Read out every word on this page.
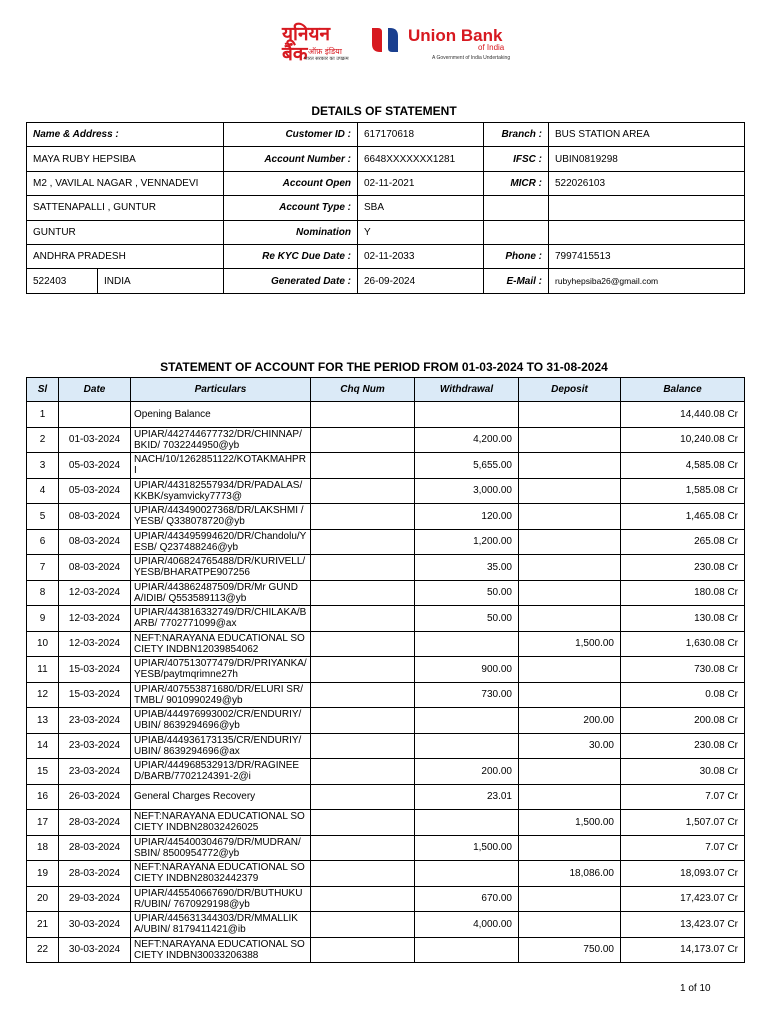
यूनियन बैंक ऑफ़ इंडिया
भारत सरकार का उपक्रम
Union Bank
of India
A Government of India Undertaking
DETAILS OF STATEMENT
Name & Address :		Customer ID :	617170618	Branch :	BUS STATION AREA
MAYA RUBY HEPSIBA		Account Number :	6648XXXXXXX1281	IFSC :	UBIN0819298
M2 , VAVILAL NAGAR , VENNADEVI		Account Open	02-11-2021	MICR :	522026103
SATTENAPALLI , GUNTUR		Account Type :	SBA		
GUNTUR		Nomination	Y		
ANDHRA PRADESH		Re KYC Due Date :	02-11-2033	Phone :	7997415513
522403	INDIA	Generated Date :	26-09-2024	E-Mail :	rubyhepsiba26@gmail.com
STATEMENT OF ACCOUNT FOR THE PERIOD FROM 01-03-2024 TO 31-08-2024
Sl	Date	Particulars	Chq Num	Withdrawal	Deposit	Balance
1		Opening Balance				14,440.08 Cr
2	01-03-2024	UPIAR/442744677732/DR/CHINNAP/BKID/ 7032244950@yb		4,200.00		10,240.08 Cr
3	05-03-2024	NACH/10/1262851122/KOTAKMAHPRI		5,655.00		4,585.08 Cr
4	05-03-2024	UPIAR/443182557934/DR/PADALAS/KKBK/syamvicky7773@		3,000.00		1,585.08 Cr
5	08-03-2024	UPIAR/443490027368/DR/LAKSHMI /YESB/ Q338078720@yb		120.00		1,465.08 Cr
6	08-03-2024	UPIAR/443495994620/DR/Chandolu/YESB/ Q237488246@yb		1,200.00		265.08 Cr
7	08-03-2024	UPIAR/406824765488/DR/KURIVELL/YESB/BHARATPE907256		35.00		230.08 Cr
8	12-03-2024	UPIAR/443862487509/DR/Mr GUNDA/IDIB/ Q553589113@yb		50.00		180.08 Cr
9	12-03-2024	UPIAR/443816332749/DR/CHILAKA/BARB/ 7702771099@ax		50.00		130.08 Cr
10	12-03-2024	NEFT:NARAYANA EDUCATIONAL SOCIETY INDBN12039854062			1,500.00	1,630.08 Cr
11	15-03-2024	UPIAR/407513077479/DR/PRIYANKA/YESB/paytmqrimne27h		900.00		730.08 Cr
12	15-03-2024	UPIAR/407553871680/DR/ELURI SR/TMBL/ 9010990249@yb		730.00		0.08 Cr
13	23-03-2024	UPIAB/444976993002/CR/ENDURIY/UBIN/ 8639294696@yb			200.00	200.08 Cr
14	23-03-2024	UPIAB/444936173135/CR/ENDURIY/UBIN/ 8639294696@ax			30.00	230.08 Cr
15	23-03-2024	UPIAR/444968532913/DR/RAGINEED/BARB/7702124391-2@i		200.00		30.08 Cr
16	26-03-2024	General Charges Recovery		23.01		7.07 Cr
17	28-03-2024	NEFT:NARAYANA EDUCATIONAL SOCIETY INDBN28032426025			1,500.00	1,507.07 Cr
18	28-03-2024	UPIAR/445400304679/DR/MUDRAN/SBIN/ 8500954772@yb		1,500.00		7.07 Cr
19	28-03-2024	NEFT:NARAYANA EDUCATIONAL SOCIETY INDBN28032442379			18,086.00	18,093.07 Cr
20	29-03-2024	UPIAR/445540667690/DR/BUTHUKUR/UBIN/ 7670929198@yb		670.00		17,423.07 Cr
21	30-03-2024	UPIAR/445631344303/DR/MMALLIKA/UBIN/ 8179411421@ib		4,000.00		13,423.07 Cr
22	30-03-2024	NEFT:NARAYANA EDUCATIONAL SOCIETY INDBN30033206388			750.00	14,173.07 Cr
1 of 10
